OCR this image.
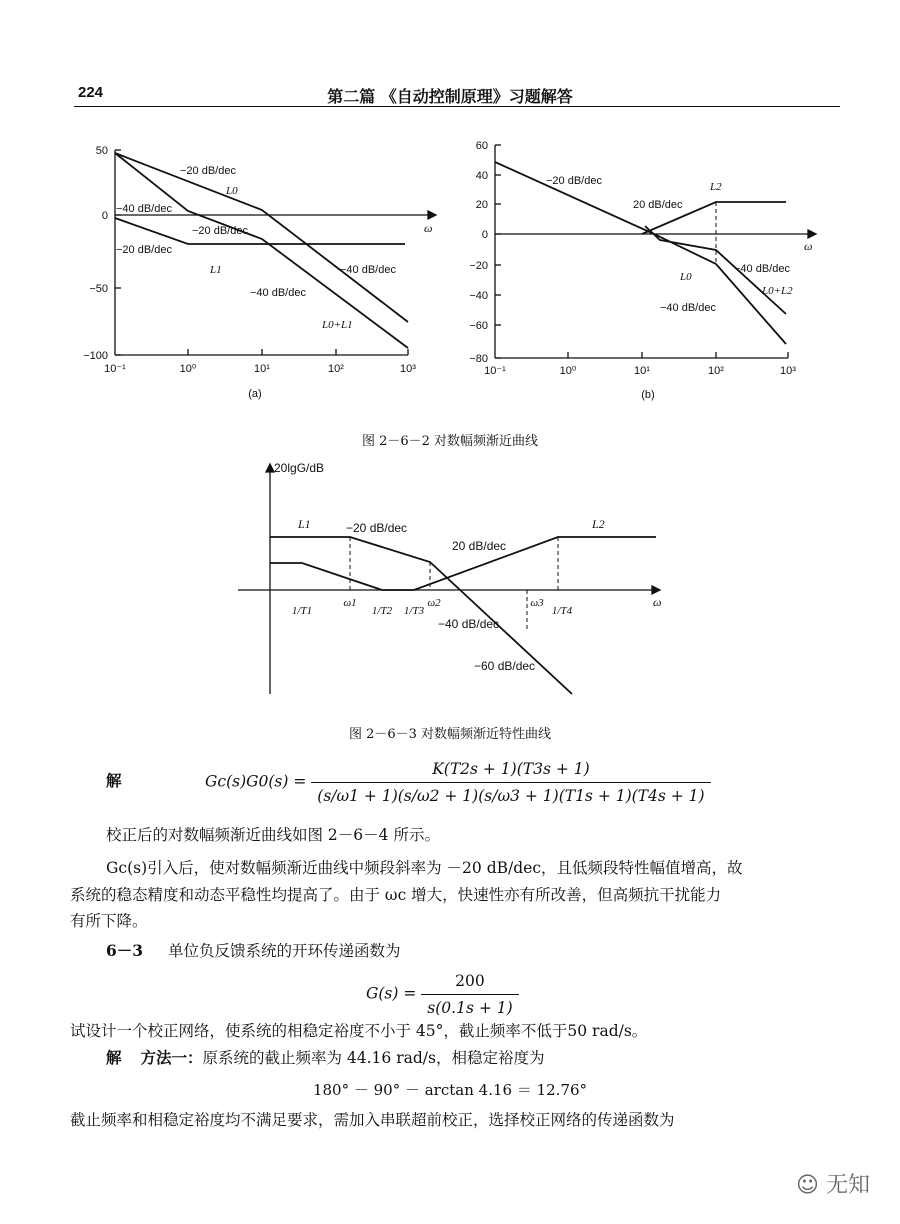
224	第二篇 《自动控制原理》习题解答
50
0
−50
−100
10⁻¹	10⁰	10¹	10²	10³
ω
−20 dB/dec
L0
−40 dB/dec
−20 dB/dec
−20 dB/dec
L1	−40 dB/dec
−40 dB/dec
L0+L1
(a)
60
40
20
0
−20
−40
−60
−80
10⁻¹	10⁰	10¹	10²	10³
ω
−20 dB/dec
20 dB/dec
L2
−40 dB/dec
L0
L0+L2
−40 dB/dec
(b)
图 2－6－2 对数幅频渐近曲线
20lgG/dB
ω
L1	−20 dB/dec
20 dB/dec
L2
−40 dB/dec
−60 dB/dec
1/T1
ω1
1/T2 1/T3
ω2	ω3
1/T4
图 2－6－3 对数幅频渐近特性曲线
解	$Gc(s)G0(s) = \frac{K(T2s + 1)(T3s + 1)}{(s/\omega 1 + 1)(s/\omega 2 + 1)(s/\omega 3 + 1)(T1s + 1)(T4s + 1)}$
校正后的对数幅频渐近曲线如图 2－6－4 所示。
Gc(s)引入后，使对数幅频渐近曲线中频段斜率为 －20 dB/dec，且低频段特性幅值增高，故
系统的稳态精度和动态平稳性均提高了。由于 ωc 增大，快速性亦有所改善，但高频抗干扰能力
有所下降。
6－3 单位负反馈系统的开环传递函数为
$G(s) = \frac{200}{s(0.1s + 1)}$
试设计一个校正网络，使系统的相稳定裕度不小于 45°，截止频率不低于50 rad/s。
解 方法一：原系统的截止频率为 44.16 rad/s，相稳定裕度为
180° － 90° － arctan 4.16 ＝ 12.76°
截止频率和相稳定裕度均不满足要求，需加入串联超前校正，选择校正网络的传递函数为
☺ 无知
